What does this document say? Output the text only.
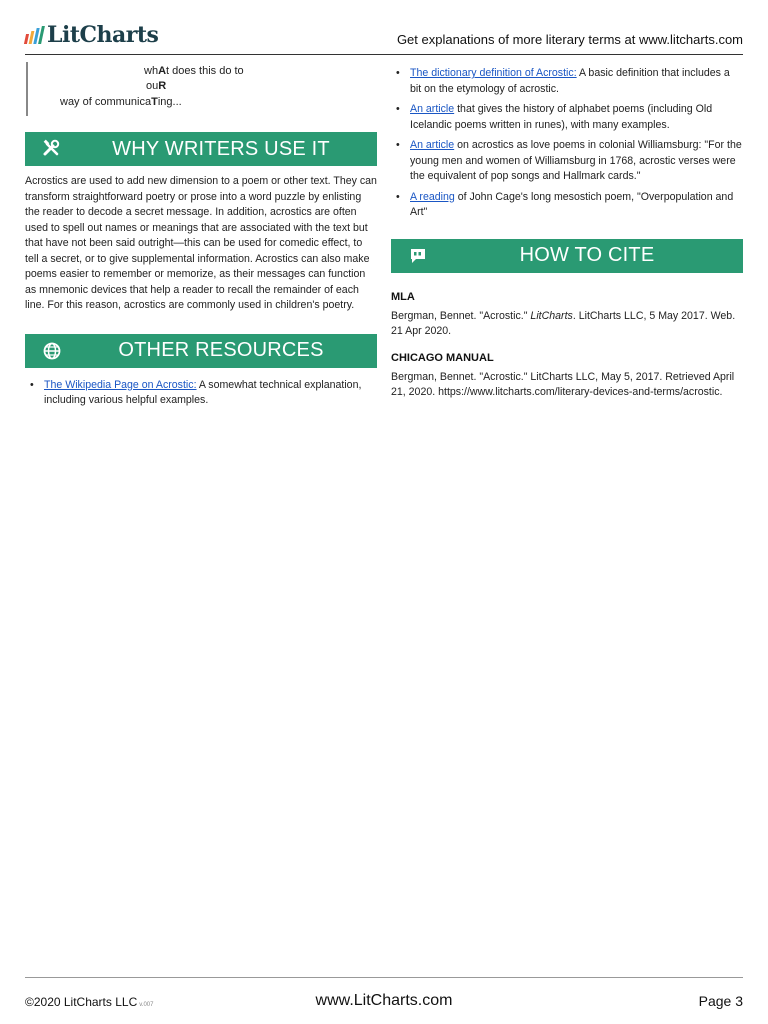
LitCharts	Get explanations of more literary terms at www.litcharts.com
whAt does this do to
ouR
way of communicaTing...
WHY WRITERS USE IT
Acrostics are used to add new dimension to a poem or other text. They can transform straightforward poetry or prose into a word puzzle by enlisting the reader to decode a secret message. In addition, acrostics are often used to spell out names or meanings that are associated with the text but that have not been said outright—this can be used for comedic effect, to tell a secret, or to give supplemental information. Acrostics can also make poems easier to remember or memorize, as their messages can function as mnemonic devices that help a reader to recall the remainder of each line. For this reason, acrostics are commonly used in children's poetry.
OTHER RESOURCES
• The Wikipedia Page on Acrostic: A somewhat technical explanation, including various helpful examples.
• The dictionary definition of Acrostic: A basic definition that includes a bit on the etymology of acrostic.
• An article that gives the history of alphabet poems (including Old Icelandic poems written in runes), with many examples.
• An article on acrostics as love poems in colonial Williamsburg: "For the young men and women of Williamsburg in 1768, acrostic verses were the equivalent of pop songs and Hallmark cards."
• A reading of John Cage's long mesostich poem, "Overpopulation and Art"
HOW TO CITE
MLA
Bergman, Bennet. "Acrostic." LitCharts. LitCharts LLC, 5 May 2017. Web. 21 Apr 2020.
CHICAGO MANUAL
Bergman, Bennet. "Acrostic." LitCharts LLC, May 5, 2017. Retrieved April 21, 2020. https://www.litcharts.com/literary-devices-and-terms/acrostic.
©2020 LitCharts LLC v.007	www.LitCharts.com	Page 3
